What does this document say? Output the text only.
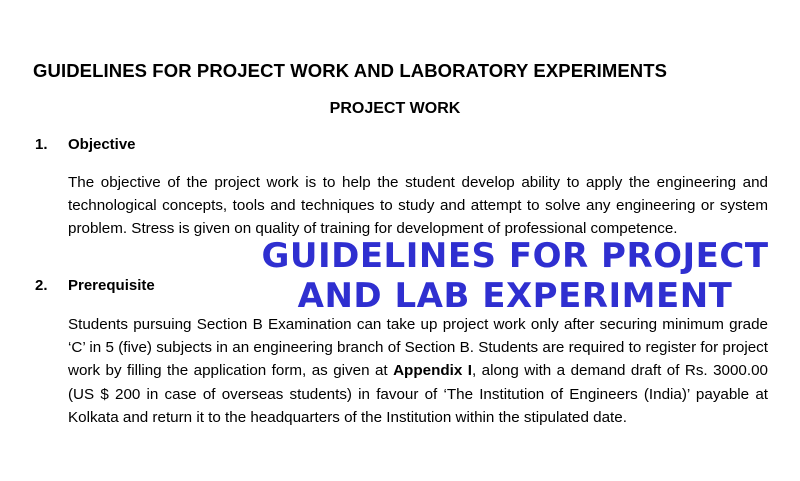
GUIDELINES FOR PROJECT WORK AND LABORATORY EXPERIMENTS
PROJECT WORK
1. Objective

The objective of the project work is to help the student develop ability to apply the engineering and technological concepts, tools and techniques to study and attempt to solve any engineering or system problem. Stress is given on quality of training for development of professional competence.

2. Prerequisite

Students pursuing Section B Examination can take up project work only after securing minimum grade ‘C’ in 5 (five) subjects in an engineering branch of Section B. Students are required to register for project work by filling the application form, as given at Appendix I, along with a demand draft of Rs. 3000.00 (US $ 200 in case of overseas students) in favour of ‘The Institution of Engineers (India)’ payable at Kolkata and return it to the headquarters of the Institution within the stipulated date.

GUIDELINES FOR PROJECT
AND LAB EXPERIMENT
